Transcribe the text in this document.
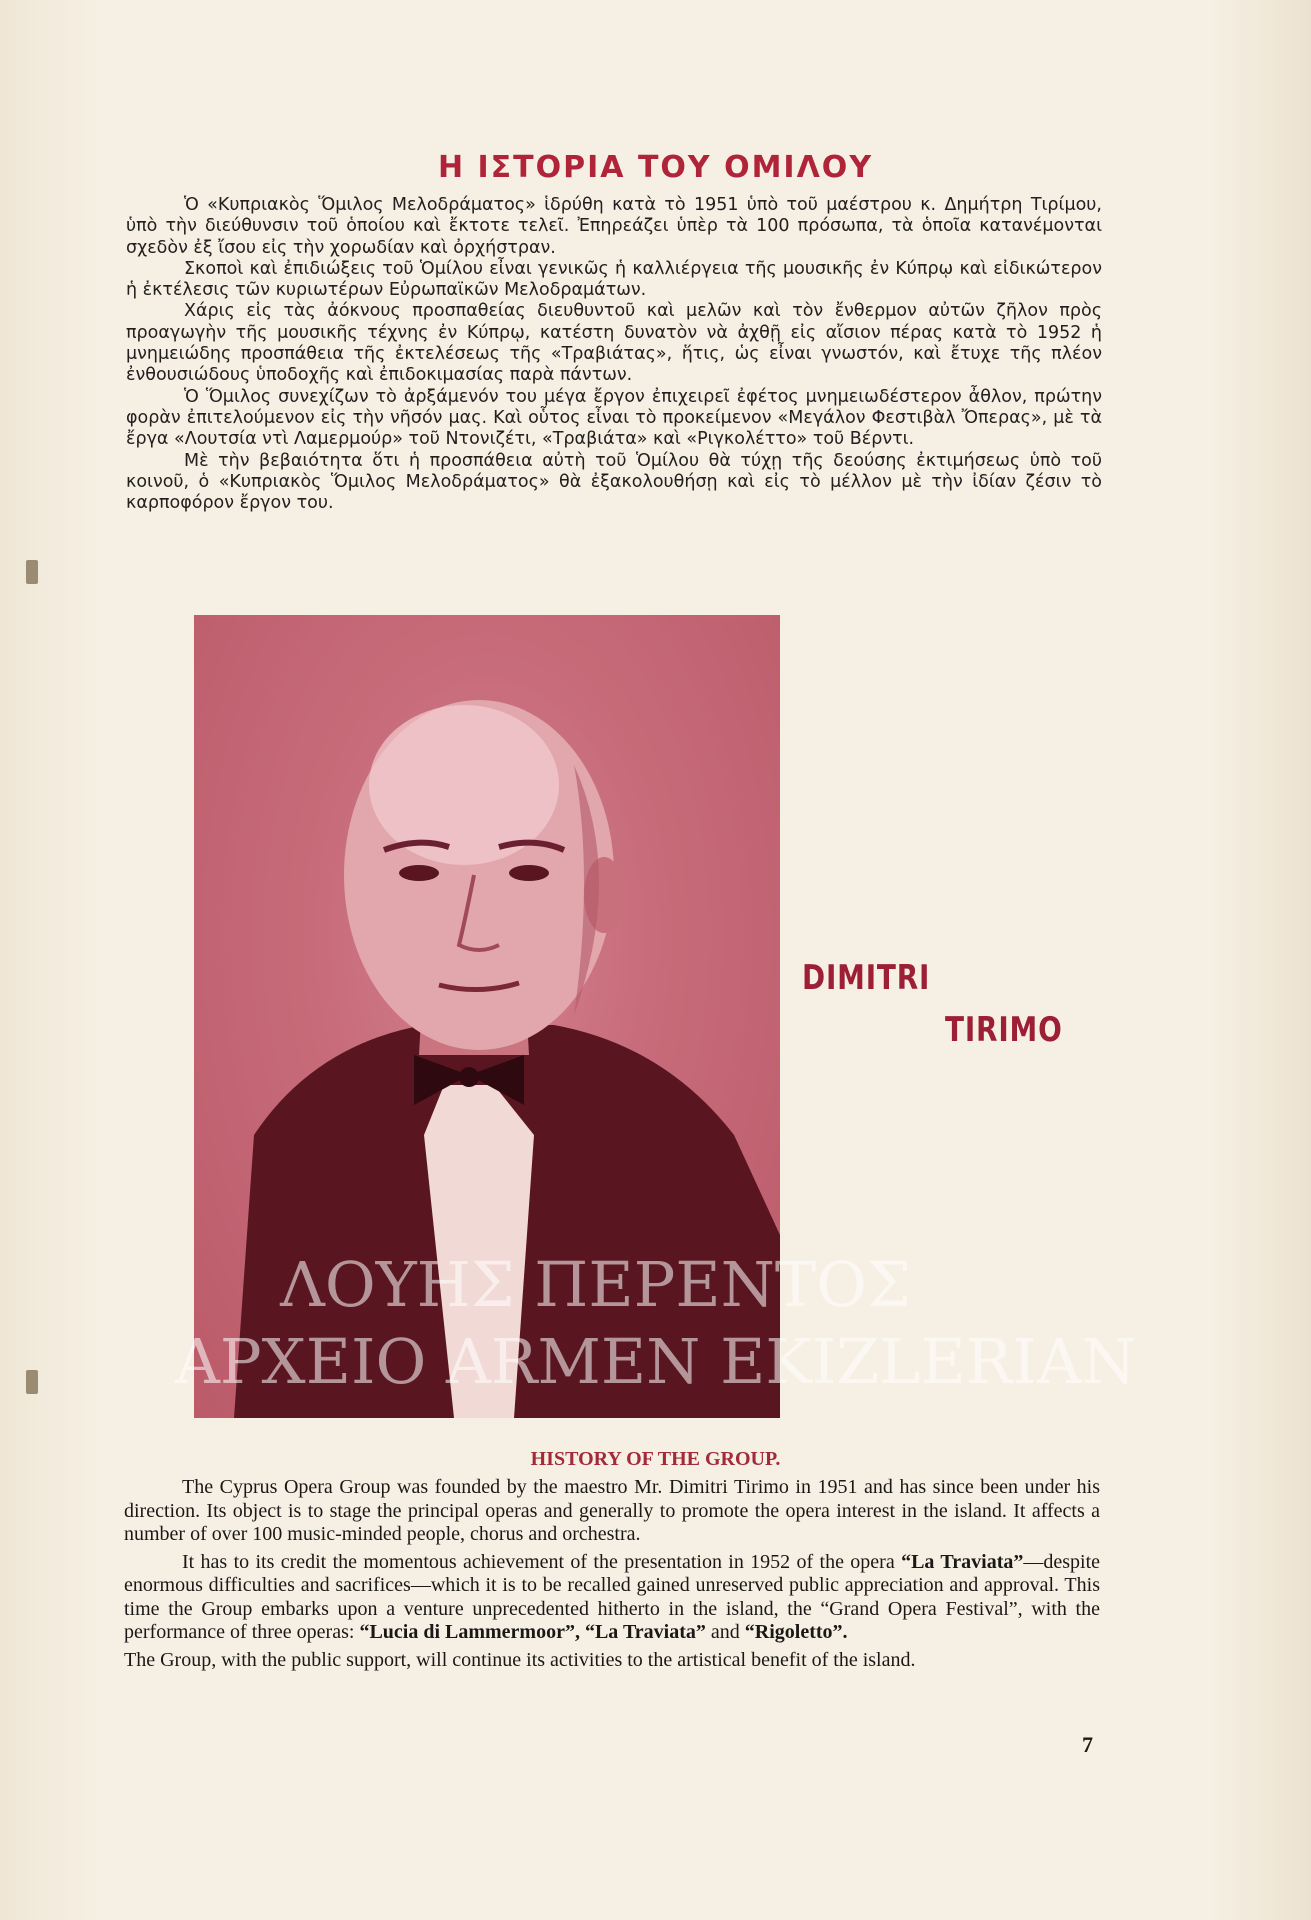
Η ΙΣΤΟΡΙΑ ΤΟΥ ΟΜΙΛΟΥ

Ὁ «Κυπριακὸς Ὅμιλος Μελοδράματος» ἱδρύθη κατὰ τὸ 1951 ὑπὸ τοῦ μαέστρου κ. Δημήτρη Τιρίμου, ὑπὸ τὴν διεύθυνσιν τοῦ ὁποίου καὶ ἔκτοτε τελεῖ. Ἐπηρεάζει ὑπὲρ τὰ 100 πρόσωπα, τὰ ὁποῖα κατανέμονται σχεδὸν ἐξ ἴσου εἰς τὴν χορωδίαν καὶ ὀρχήστραν.

Σκοποὶ καὶ ἐπιδιώξεις τοῦ Ὁμίλου εἶναι γενικῶς ἡ καλλιέργεια τῆς μουσικῆς ἐν Κύπρῳ καὶ εἰδικώτερον ἡ ἐκτέλεσις τῶν κυριωτέρων Εὐρωπαϊκῶν Μελοδραμάτων.

Χάρις εἰς τὰς ἀόκνους προσπαθείας διευθυντοῦ καὶ μελῶν καὶ τὸν ἔνθερμον αὐτῶν ζῆλον πρὸς προαγωγὴν τῆς μουσικῆς τέχνης ἐν Κύπρῳ, κατέστη δυνατὸν νὰ ἀχθῇ εἰς αἴσιον πέρας κατὰ τὸ 1952 ἡ μνημειώδης προσπάθεια τῆς ἐκτελέσεως τῆς «Τραβιάτας», ἥτις, ὡς εἶναι γνωστόν, καὶ ἔτυχε τῆς πλέον ἐνθουσιώδους ὑποδοχῆς καὶ ἐπιδοκιμασίας παρὰ πάντων.

Ὁ Ὅμιλος συνεχίζων τὸ ἀρξάμενόν του μέγα ἔργον ἐπιχειρεῖ ἐφέτος μνημειωδέστερον ἆθλον, πρώτην φορὰν ἐπιτελούμενον εἰς τὴν νῆσόν μας. Καὶ οὗτος εἶναι τὸ προκείμενον «Μεγάλον Φεστιβὰλ Ὄπερας», μὲ τὰ ἔργα «Λουτσία ντὶ Λαμερμούρ» τοῦ Ντονιζέτι, «Τραβιάτα» καὶ «Ριγκολέττο» τοῦ Βέρντι.

Μὲ τὴν βεβαιότητα ὅτι ἡ προσπάθεια αὐτὴ τοῦ Ὁμίλου θὰ τύχῃ τῆς δεούσης ἐκτιμήσεως ὑπὸ τοῦ κοινοῦ, ὁ «Κυπριακὸς Ὅμιλος Μελοδράματος» θὰ ἐξακολουθήσῃ καὶ εἰς τὸ μέλλον μὲ τὴν ἰδίαν ζέσιν τὸ καρποφόρον ἔργον του.

DIMITRI
TIRIMO
ΛΟΥΗΣ ΠΕΡΕΝΤΟΣ
ΑΡΧΕΙΟ ARMEN EKIZLERIAN
HISTORY OF THE GROUP.

The Cyprus Opera Group was founded by the maestro Mr. Dimitri Tirimo in 1951 and has since been under his direction. Its object is to stage the principal operas and generally to promote the opera interest in the island. It affects a number of over 100 music-minded people, chorus and orchestra.

It has to its credit the momentous achievement of the presentation in 1952 of the opera “La Traviata”—despite enormous difficulties and sacrifices—which it is to be recalled gained unreserved public appreciation and approval. This time the Group embarks upon a venture unprecedented hitherto in the island, the “Grand Opera Festival”, with the performance of three operas: “Lucia di Lammermoor”, “La Traviata” and “Rigoletto”.

The Group, with the public support, will continue its activities to the artistical benefit of the island.

7
